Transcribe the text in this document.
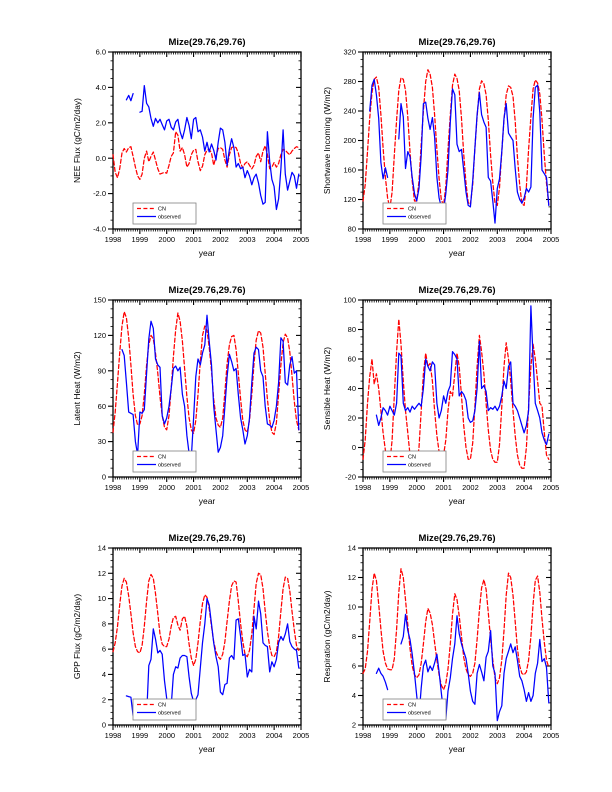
Mize(29.76,29.76)
1998 1999 2000 2001 2002 2003 2004 2005
-4.0
-2.0
0.0
2.0
4.0
6.0
NEE Flux (gC/m2/day)
year
CN
observed
Mize(29.76,29.76)
1998 1999 2000 2001 2002 2003 2004 2005
80
120
160
200
240
280
320
Shortwave Incoming (W/m2)
year
CN
observed
Mize(29.76,29.76)
1998 1999 2000 2001 2002 2003 2004 2005
0
30
60
90
120
150
Latent Heat (W/m2)
year
CN
observed
Mize(29.76,29.76)
1998 1999 2000 2001 2002 2003 2004 2005
-20
0
20
40
60
80
100
Sensible Heat (W/m2)
year
CN
observed
Mize(29.76,29.76)
1998 1999 2000 2001 2002 2003 2004 2005
0
2
4
6
8
10
12
14
GPP Flux (gC/m2/day)
year
CN
observed
Mize(29.76,29.76)
1998 1999 2000 2001 2002 2003 2004 2005
2
4
6
8
10
12
14
Respiration (gC/m2/day)
year
CN
observed
